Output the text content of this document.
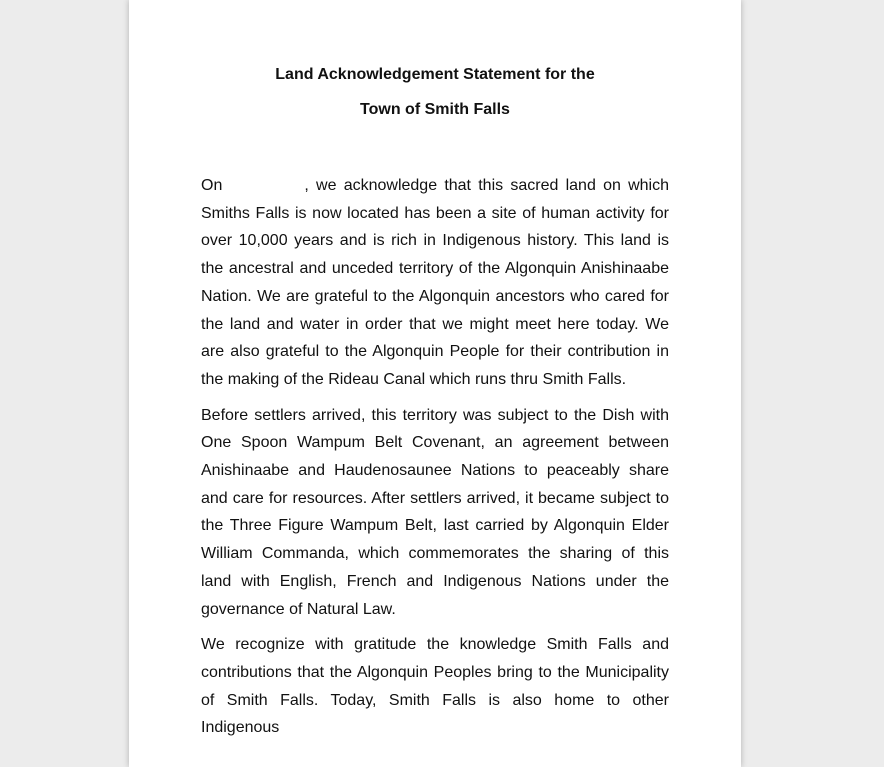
Land Acknowledgement Statement for the

Town of Smith Falls

On	, we acknowledge that this sacred land on which Smiths Falls is now located has been a site of human activity for over 10,000 years and is rich in Indigenous history. This land is the ancestral and unceded territory of the Algonquin Anishinaabe Nation. We are grateful to the Algonquin ancestors who cared for the land and water in order that we might meet here today. We are also grateful to the Algonquin People for their contribution in the making of the Rideau Canal which runs thru Smith Falls.

Before settlers arrived, this territory was subject to the Dish with One Spoon Wampum Belt Covenant, an agreement between Anishinaabe and Haudenosaunee Nations to peaceably share and care for resources. After settlers arrived, it became subject to the Three Figure Wampum Belt, last carried by Algonquin Elder William Commanda, which commemorates the sharing of this land with English, French and Indigenous Nations under the governance of Natural Law.

We recognize with gratitude the knowledge Smith Falls and contributions that the Algonquin Peoples bring to the Municipality of Smith Falls. Today, Smith Falls is also home to other Indigenous
